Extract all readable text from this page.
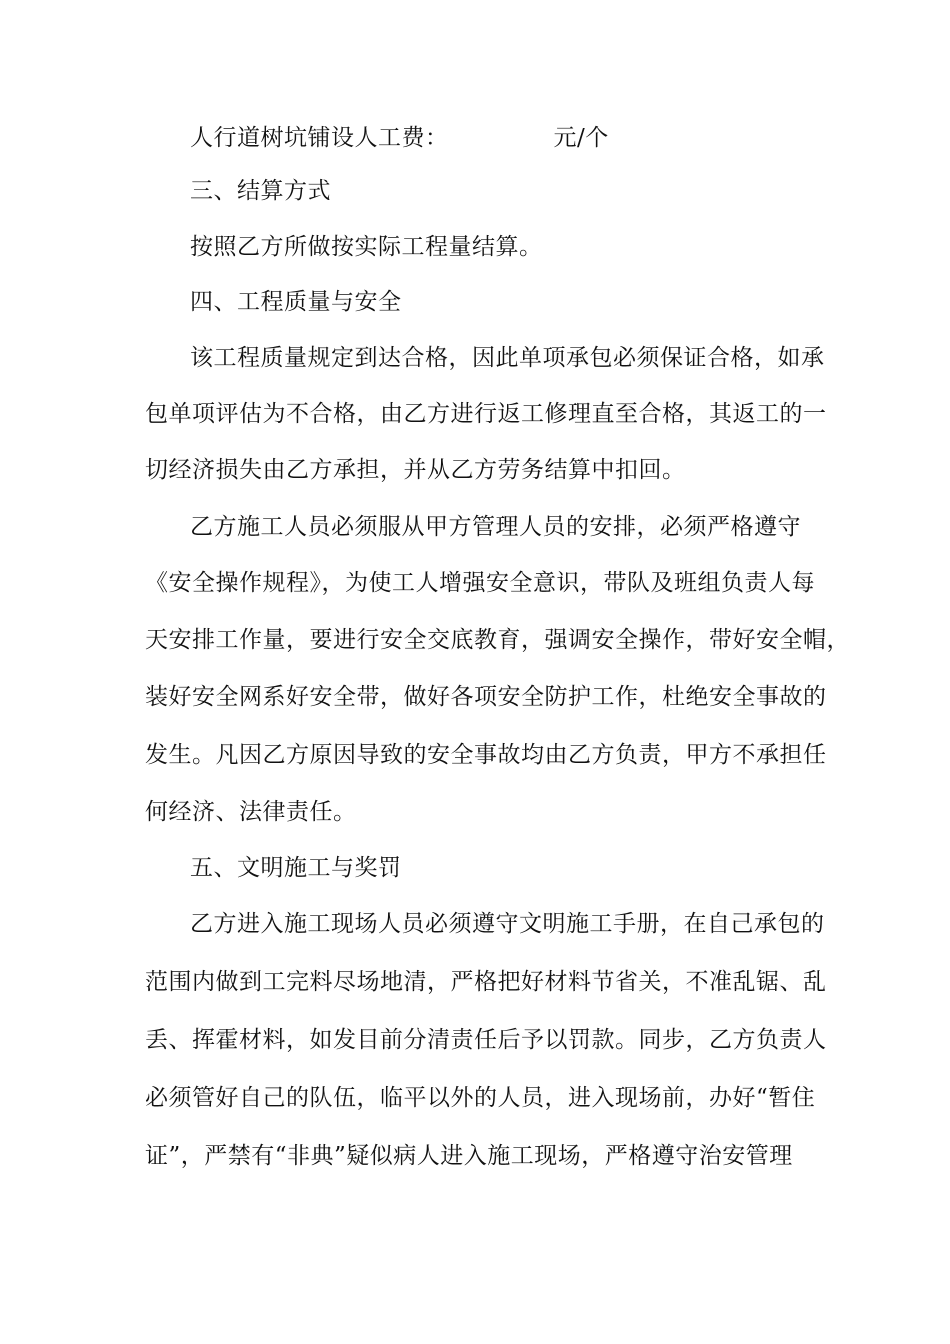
人行道树坑铺设人工费：	元/个
三、结算方式
按照乙方所做按实际工程量结算。
四、工程质量与安全
该工程质量规定到达合格，因此单项承包必须保证合格，如承
包单项评估为不合格，由乙方进行返工修理直至合格，其返工的一
切经济损失由乙方承担，并从乙方劳务结算中扣回。
乙方施工人员必须服从甲方管理人员的安排，必须严格遵守
《安全操作规程》，为使工人增强安全意识，带队及班组负责人每
天安排工作量，要进行安全交底教育，强调安全操作，带好安全帽，
装好安全网系好安全带，做好各项安全防护工作，杜绝安全事故的
发生。凡因乙方原因导致的安全事故均由乙方负责，甲方不承担任
何经济、法律责任。
五、文明施工与奖罚
乙方进入施工现场人员必须遵守文明施工手册，在自己承包的
范围内做到工完料尽场地清，严格把好材料节省关，不准乱锯、乱
丢、挥霍材料，如发目前分清责任后予以罚款。同步，乙方负责人
必须管好自己的队伍，临平以外的人员，进入现场前，办好“暂住
证”，严禁有“非典”疑似病人进入施工现场，严格遵守治安管理
